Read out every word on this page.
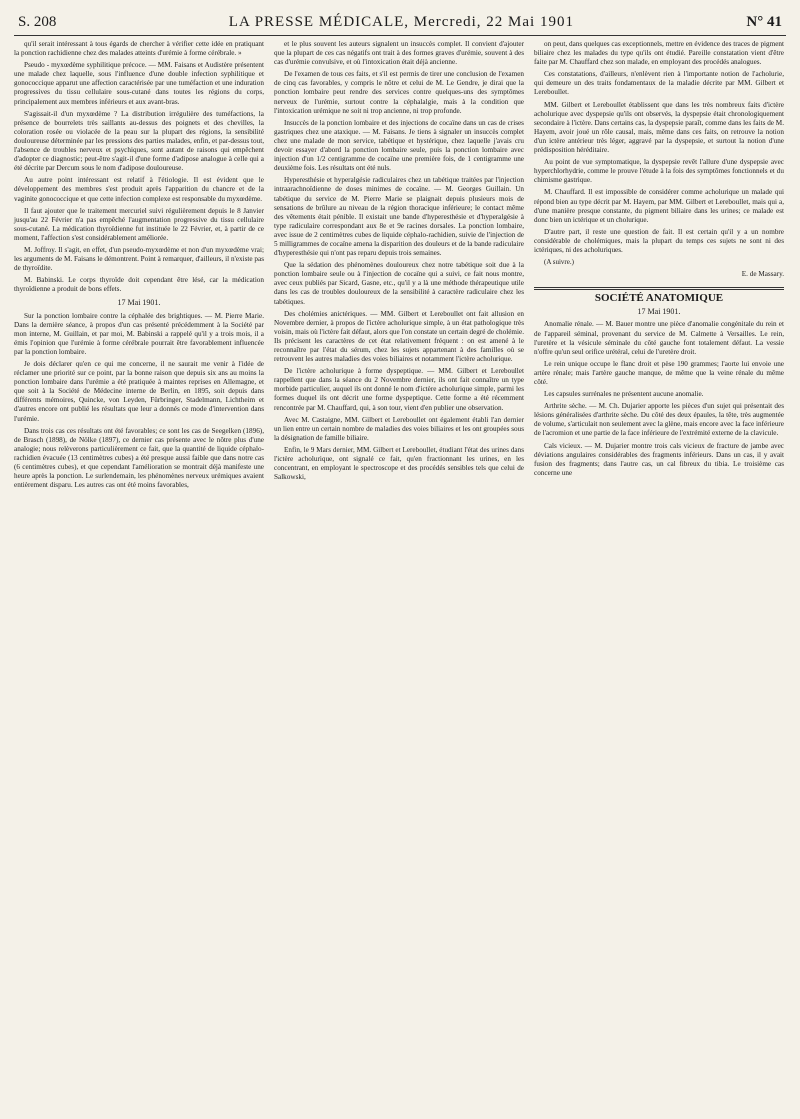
S. 208	LA PRESSE MÉDICALE, Mercredi, 22 Mai 1901	N° 41

qu'il serait intéressant à tous égards de chercher à vérifier cette idée en pratiquant la ponction rachidienne chez des malades atteints d'urémie à forme cérébrale. »

Pseudo - myxœdème syphilitique précoce. — MM. Faisans et Audistère présentent une malade chez laquelle, sous l'influence d'une double infection syphilitique et gonococcique apparut une affection caractérisée par une tuméfaction et une induration progressives du tissu cellulaire sous-cutané dans toutes les régions du corps, principalement aux membres inférieurs et aux avant-bras.

S'agissait-il d'un myxœdème ? La distribution irrégulière des tuméfactions, la présence de bourrelets très saillants au-dessus des poignets et des chevilles, la coloration rosée ou violacée de la peau sur la plupart des régions, la sensibilité douloureuse déterminée par les pressions des parties malades, enfin, et par-dessus tout, l'absence de troubles nerveux et psychiques, sont autant de raisons qui empêchent d'adopter ce diagnostic; peut-être s'agit-il d'une forme d'adipose analogue à celle qui a été décrite par Dercum sous le nom d'adipose douloureuse.

Au autre point intéressant est relatif à l'étiologie. Il est évident que le développement des membres s'est produit après l'apparition du chancre et de la vaginite gonococcique et que cette infection complexe est responsable du myxœdème.

Il faut ajouter que le traitement mercuriel suivi régulièrement depuis le 8 Janvier jusqu'au 22 Février n'a pas empêché l'augmentation progressive du tissu cellulaire sous-cutané. La médication thyroïdienne fut instituée le 22 Février, et, à partir de ce moment, l'affection s'est considérablement améliorée.

M. Joffroy. Il s'agit, en effet, d'un pseudo-myxœdème et non d'un myxœdème vrai; les arguments de M. Faisans le démontrent. Point à remarquer, d'ailleurs, il n'existe pas de thyroïdite.

M. Babinski. Le corps thyroïde doit cependant être lésé, car la médication thyroïdienne a produit de bons effets.

17 Mai 1901.

Sur la ponction lombaire contre la céphalée des brightiques. — M. Pierre Marie. Dans la dernière séance, à propos d'un cas présenté précédemment à la Société par mon interne, M. Guillain, et par moi, M. Babinski a rappelé qu'il y a trois mois, il a émis l'opinion que l'urémie à forme cérébrale pourrait être favorablement influencée par la ponction lombaire.

Je dois déclarer qu'en ce qui me concerne, il ne saurait me venir à l'idée de réclamer une priorité sur ce point, par la bonne raison que depuis six ans au moins la ponction lombaire dans l'urémie a été pratiquée à maintes reprises en Allemagne, et que soit à la Société de Médecine interne de Berlin, en 1895, soit depuis dans différents mémoires, Quincke, von Leyden, Fürbringer, Stadelmann, Lichtheim et d'autres encore ont publié les résultats que leur a donnés ce mode d'intervention dans l'urémie.

Dans trois cas ces résultats ont été favorables; ce sont les cas de Seegelken (1896), de Brasch (1898), de Nölke (1897), ce dernier cas présente avec le nôtre plus d'une analogie; nous relèverons particulièrement ce fait, que la quantité de liquide céphalo-rachidien évacuée (13 centimètres cubes) a été presque aussi faible que dans notre cas (6 centimètres cubes), et que cependant l'amélioration se montrait déjà manifeste une heure après la ponction. Le surlendemain, les phénomènes nerveux urémiques avaient entièrement disparu. Les autres cas ont été moins favorables,

et le plus souvent les auteurs signalent un insuccès complet. Il convient d'ajouter que la plupart de ces cas négatifs ont trait à des formes graves d'urémie, souvent à des cas d'urémie convulsive, et où l'intoxication était déjà ancienne.

De l'examen de tous ces faits, et s'il est permis de tirer une conclusion de l'examen de cinq cas favorables, y compris le nôtre et celui de M. Le Gendre, je dirai que la ponction lombaire peut rendre des services contre quelques-uns des symptômes nerveux de l'urémie, surtout contre la céphalalgie, mais à la condition que l'intoxication urémique ne soit ni trop ancienne, ni trop profonde.

Insuccès de la ponction lombaire et des injections de cocaïne dans un cas de crises gastriques chez une ataxique. — M. Faisans. Je tiens à signaler un insuccès complet chez une malade de mon service, tabétique et hystérique, chez laquelle j'avais cru devoir essayer d'abord la ponction lombaire seule, puis la ponction lombaire avec injection d'un 1/2 centigramme de cocaïne une première fois, de 1 centigramme une deuxième fois. Les résultats ont été nuls.

Hyperesthésie et hyperalgésie radiculaires chez un tabétique traitées par l'injection intraarachnoïdienne de doses minimes de cocaïne. — M. Georges Guillain. Un tabétique du service de M. Pierre Marie se plaignait depuis plusieurs mois de sensations de brûlure au niveau de la région thoracique inférieure; le contact même des vêtements était pénible. Il existait une bande d'hyperesthésie et d'hyperalgésie à type radiculaire correspondant aux 8e et 9e racines dorsales. La ponction lombaire, avec issue de 2 centimètres cubes de liquide céphalo-rachidien, suivie de l'injection de 5 milligrammes de cocaïne amena la disparition des douleurs et de la bande radiculaire d'hyperesthésie qui n'ont pas reparu depuis trois semaines.

Que la sédation des phénomènes douloureux chez notre tabétique soit due à la ponction lombaire seule ou à l'injection de cocaïne qui a suivi, ce fait nous montre, avec ceux publiés par Sicard, Gasne, etc., qu'il y a là une méthode thérapeutique utile dans les cas de troubles douloureux de la sensibilité à caractère radiculaire chez les tabétiques.

Des cholémies anictériques. — MM. Gilbert et Lereboullet ont fait allusion en Novembre dernier, à propos de l'ictère acholurique simple, à un état pathologique très voisin, mais où l'ictère fait défaut, alors que l'on constate un certain degré de cholémie. Ils précisent les caractères de cet état relativement fréquent : on est amené à le reconnaître par l'état du sérum, chez les sujets appartenant à des familles où se retrouvent les autres maladies des voies biliaires et notamment l'ictère acholurique.

De l'ictère acholurique à forme dyspeptique. — MM. Gilbert et Lereboullet rappellent que dans la séance du 2 Novembre dernier, ils ont fait connaître un type morbide particulier, auquel ils ont donné le nom d'ictère acholurique simple, parmi les formes duquel ils ont décrit une forme dyspeptique. Cette forme a été récemment rencontrée par M. Chauffard, qui, à son tour, vient d'en publier une observation.

Avec M. Castaigne, MM. Gilbert et Lereboullet ont également établi l'an dernier un lien entre un certain nombre de maladies des voies biliaires et les ont groupées sous la désignation de famille biliaire.

Enfin, le 9 Mars dernier, MM. Gilbert et Lereboullet, étudiant l'état des urines dans l'ictère acholurique, ont signalé ce fait, qu'en fractionnant les urines, en les concentrant, en employant le spectroscope et des procédés sensibles tels que celui de Salkowski,

on peut, dans quelques cas exceptionnels, mettre en évidence des traces de pigment biliaire chez les malades du type qu'ils ont étudié. Pareille constatation vient d'être faite par M. Chauffard chez son malade, en employant des procédés analogues.

Ces constatations, d'ailleurs, n'enlèvent rien à l'importante notion de l'acholurie, qui demeure un des traits fondamentaux de la maladie décrite par MM. Gilbert et Lereboullet.

MM. Gilbert et Lereboullet établissent que dans les très nombreux faits d'ictère acholurique avec dyspepsie qu'ils ont observés, la dyspepsie était chronologiquement secondaire à l'ictère. Dans certains cas, la dyspepsie paraît, comme dans les faits de M. Hayem, avoir joué un rôle causal, mais, même dans ces faits, on retrouve la notion d'un ictère antérieur très léger, aggravé par la dyspepsie, et surtout la notion d'une prédisposition héréditaire.

Au point de vue symptomatique, la dyspepsie revêt l'allure d'une dyspepsie avec hyperchlorhydrie, comme le prouve l'étude à la fois des symptômes fonctionnels et du chimisme gastrique.

M. Chauffard. Il est impossible de considérer comme acholurique un malade qui répond bien au type décrit par M. Hayem, par MM. Gilbert et Lereboullet, mais qui a, d'une manière presque constante, du pigment biliaire dans les urines; ce malade est donc bien un ictérique et un cholurique.

D'autre part, il reste une question de fait. Il est certain qu'il y a un nombre considérable de cholémiques, mais la plupart du temps ces sujets ne sont ni des ictériques, ni des acholuriques.

(A suivre.)

E. de Massary.

SOCIÉTÉ ANATOMIQUE

17 Mai 1901.

Anomalie rénale. — M. Bauer montre une pièce d'anomalie congénitale du rein et de l'appareil séminal, provenant du service de M. Calmette à Versailles. Le rein, l'uretère et la vésicule séminale du côté gauche font totalement défaut. La vessie n'offre qu'un seul orifice urétéral, celui de l'uretère droit.

Le rein unique occupe le flanc droit et pèse 190 grammes; l'aorte lui envoie une artère rénale; mais l'artère gauche manque, de même que la veine rénale du même côté.

Les capsules surrénales ne présentent aucune anomalie.

Arthrite sèche. — M. Ch. Dujarier apporte les pièces d'un sujet qui présentait des lésions généralisées d'arthrite sèche. Du côté des deux épaules, la tête, très augmentée de volume, s'articulait non seulement avec la glène, mais encore avec la face inférieure de l'acromion et une partie de la face inférieure de l'extrémité externe de la clavicule.

Cals vicieux. — M. Dujarier montre trois cals vicieux de fracture de jambe avec déviations angulaires considérables des fragments inférieurs. Dans un cas, il y avait fusion des fragments; dans l'autre cas, un cal fibreux du tibia. Le troisième cas concerne une
